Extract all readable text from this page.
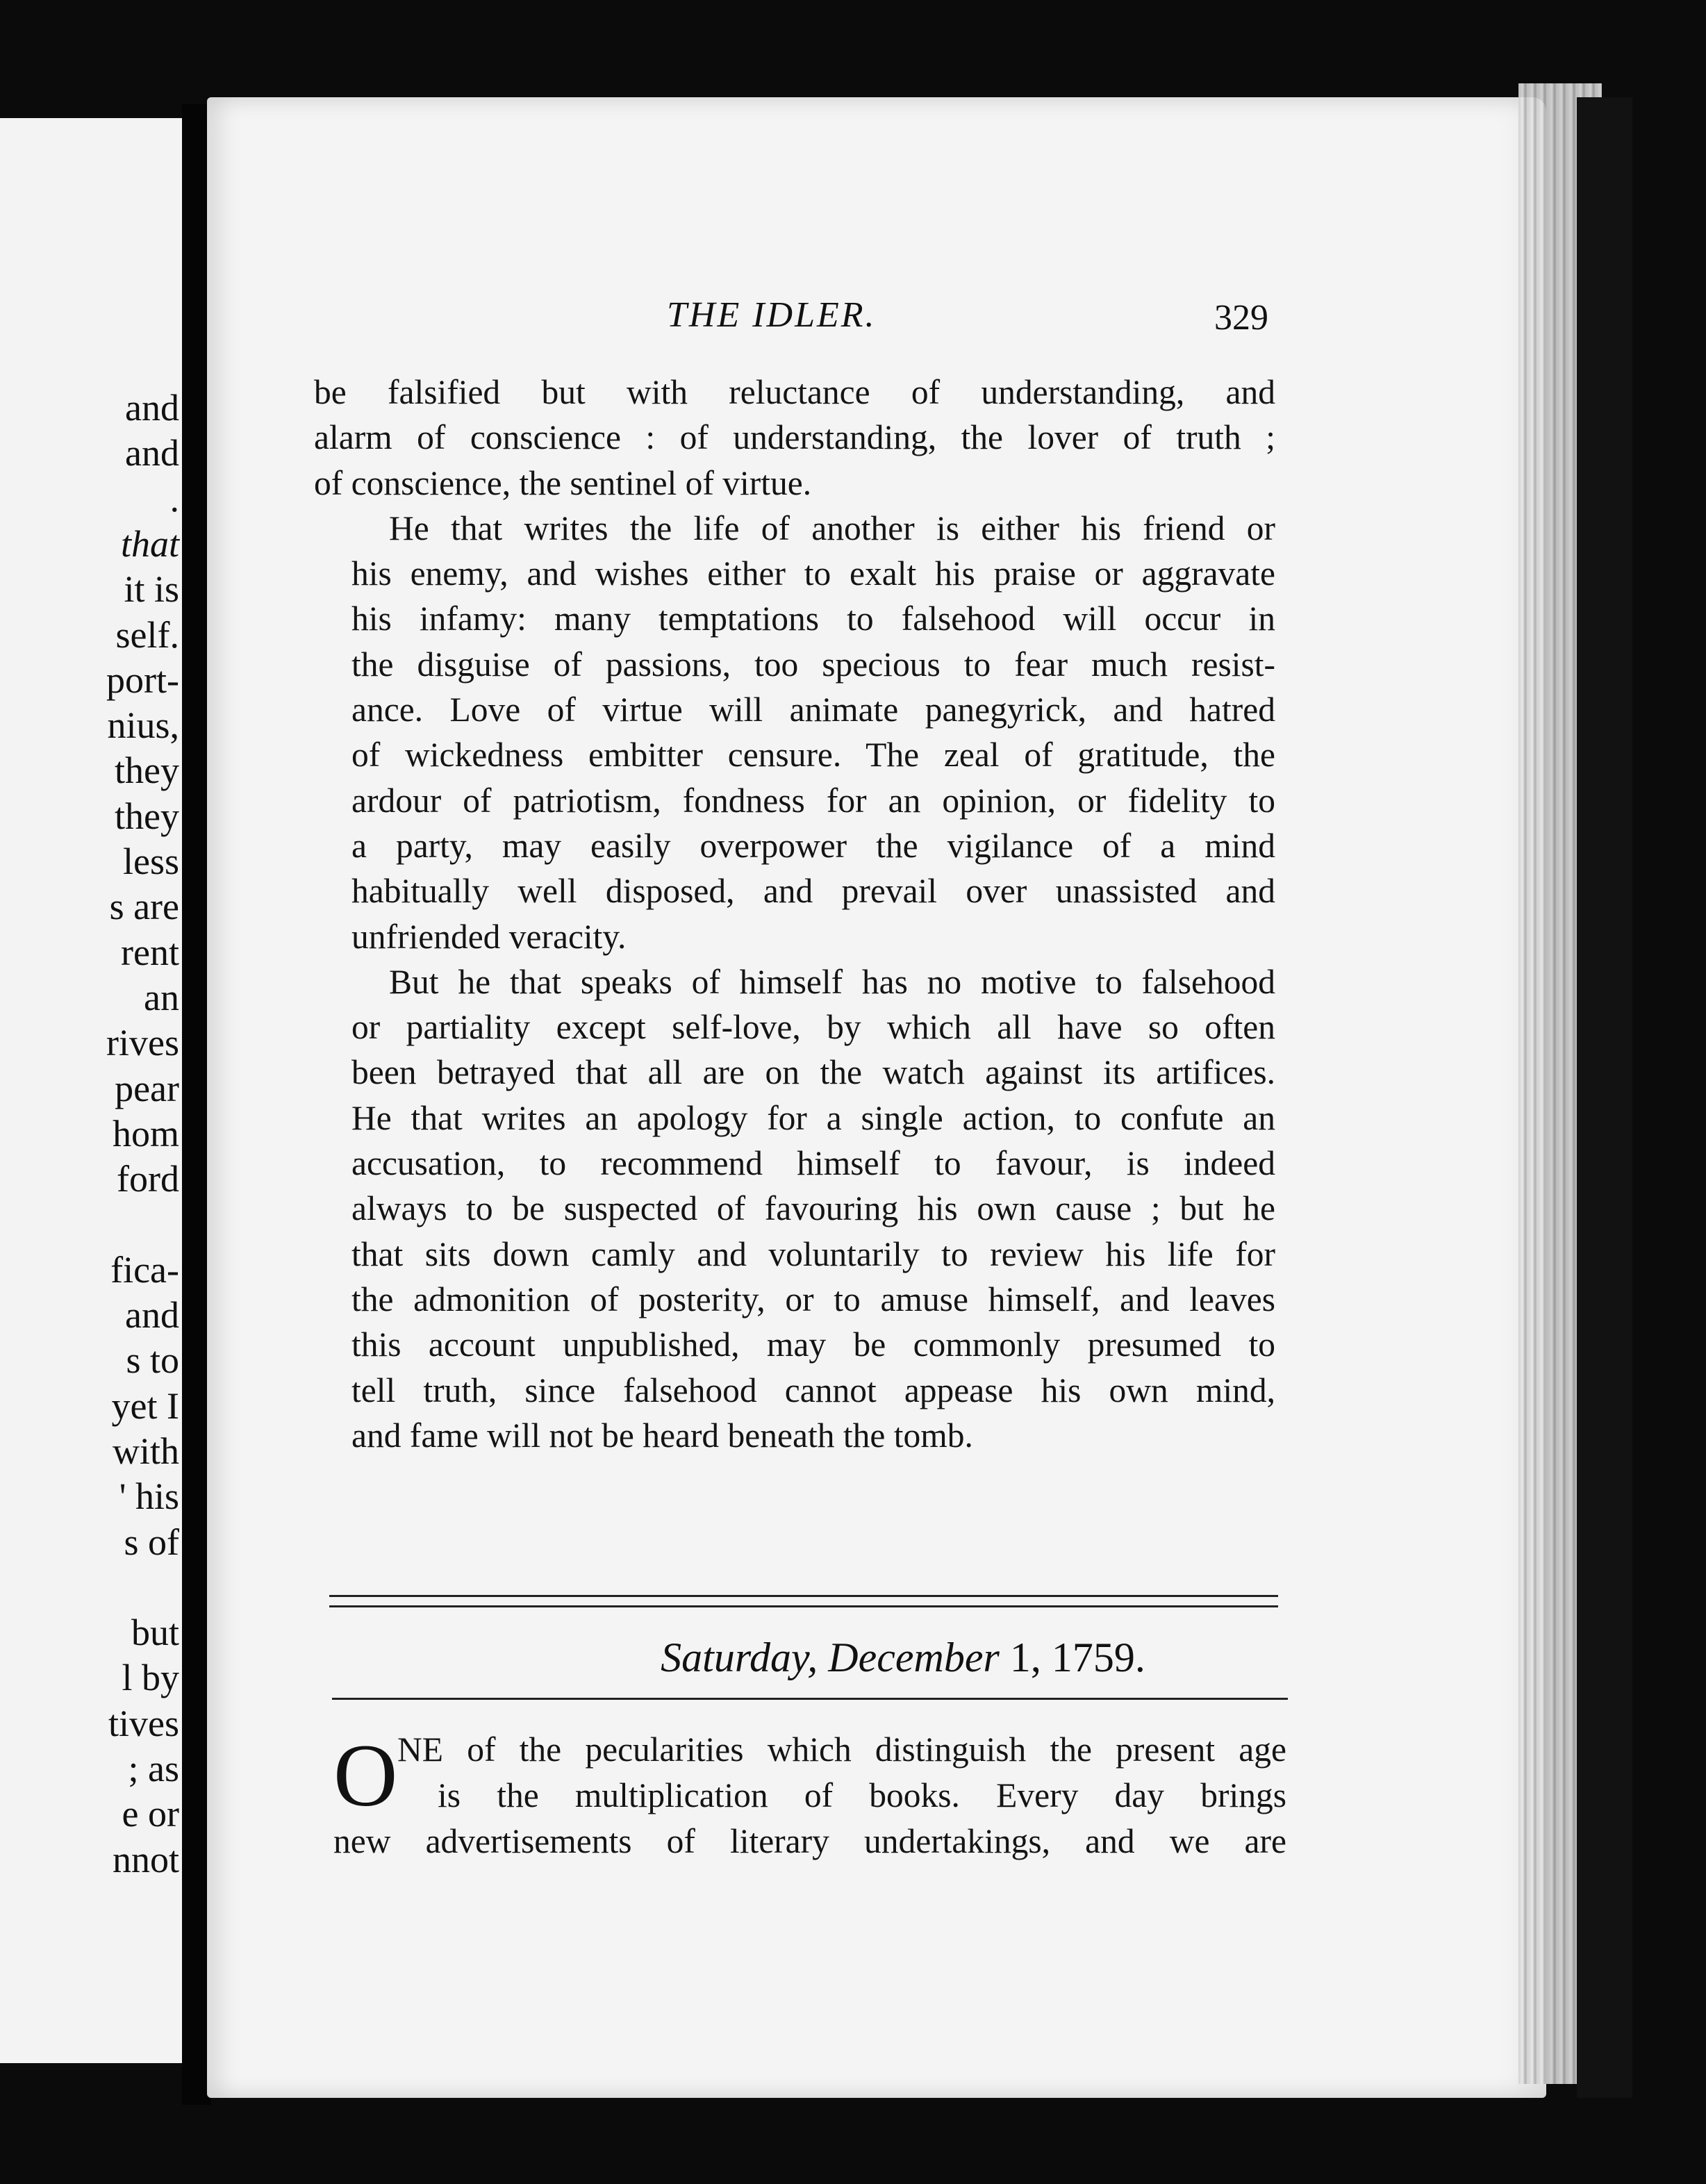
and
and
.
that
it is
self.
port-
nius,
they
they
less
s are
rent
an
rives
pear
hom
ford
fica-
and
s to
yet I
with
' his
s of
but
l by
tives
; as
e or
nnot
THE IDLER.	329
be falsified but with reluctance of understanding, and
alarm of conscience : of understanding, the lover of truth ;
of conscience, the sentinel of virtue.
He that writes the life of another is either his friend or
his enemy, and wishes either to exalt his praise or aggravate
his infamy: many temptations to falsehood will occur in
the disguise of passions, too specious to fear much resist-
ance. Love of virtue will animate panegyrick, and hatred
of wickedness embitter censure. The zeal of gratitude, the
ardour of patriotism, fondness for an opinion, or fidelity to
a party, may easily overpower the vigilance of a mind
habitually well disposed, and prevail over unassisted and
unfriended veracity.
But he that speaks of himself has no motive to falsehood
or partiality except self-love, by which all have so often
been betrayed that all are on the watch against its artifices.
He that writes an apology for a single action, to confute an
accusation, to recommend himself to favour, is indeed
always to be suspected of favouring his own cause ; but he
that sits down camly and voluntarily to review his life for
the admonition of posterity, or to amuse himself, and leaves
this account unpublished, may be commonly presumed to
tell truth, since falsehood cannot appease his own mind,
and fame will not be heard beneath the tomb.
Saturday, December 1, 1759.
O NE of the pecularities which distinguish the present age
is the multiplication of books. Every day brings
new advertisements of literary undertakings, and we are
